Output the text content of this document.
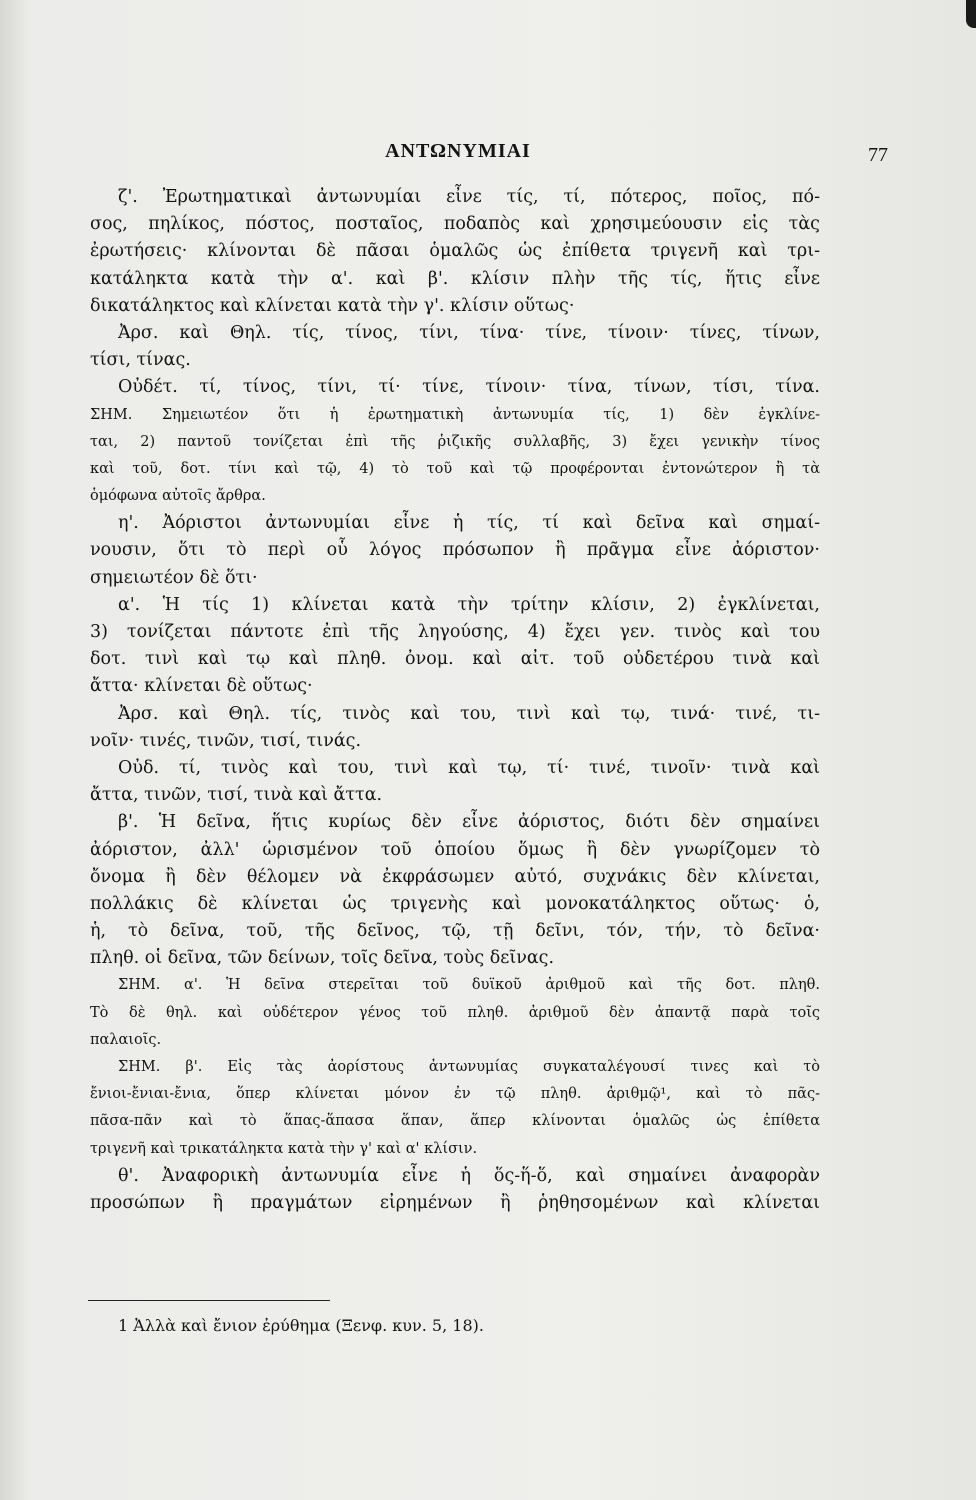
ΑΝΤΩΝΥΜΙΑΙ	77
ζ'. Ἐρωτηματικαὶ ἀντωνυμίαι εἶνε τίς, τί, πότερος, ποῖος, πό-
σος, πηλίκος, πόστος, ποσταῖος, ποδαπὸς καὶ χρησιμεύουσιν εἰς τὰς
ἐρωτήσεις· κλίνονται δὲ πᾶσαι ὁμαλῶς ὡς ἐπίθετα τριγενῆ καὶ τρι-
κατάληκτα κατὰ τὴν α'. καὶ β'. κλίσιν πλὴν τῆς τίς, ἥτις εἶνε
δικατάληκτος καὶ κλίνεται κατὰ τὴν γ'. κλίσιν οὕτως·
Ἀρσ. καὶ Θηλ. τίς, τίνος, τίνι, τίνα· τίνε, τίνοιν· τίνες, τίνων,
τίσι, τίνας.
Οὐδέτ. τί, τίνος, τίνι, τί· τίνε, τίνοιν· τίνα, τίνων, τίσι, τίνα.
ΣΗΜ. Σημειωτέον ὅτι ἡ ἐρωτηματικὴ ἀντωνυμία τίς, 1) δὲν ἐγκλίνε-
ται, 2) παντοῦ τονίζεται ἐπὶ τῆς ῥιζικῆς συλλαβῆς, 3) ἔχει γενικὴν τίνος
καὶ τοῦ, δοτ. τίνι καὶ τῷ, 4) τὸ τοῦ καὶ τῷ προφέρονται ἐντονώτερον ἢ τὰ
ὁμόφωνα αὐτοῖς ἄρθρα.
η'. Ἀόριστοι ἀντωνυμίαι εἶνε ἡ τίς, τί καὶ δεῖνα καὶ σημαί-
νουσιν, ὅτι τὸ περὶ οὗ λόγος πρόσωπον ἢ πρᾶγμα εἶνε ἀόριστον·
σημειωτέον δὲ ὅτι·
α'. Ἡ τίς 1) κλίνεται κατὰ τὴν τρίτην κλίσιν, 2) ἐγκλίνεται,
3) τονίζεται πάντοτε ἐπὶ τῆς ληγούσης, 4) ἔχει γεν. τινὸς καὶ του
δοτ. τινὶ καὶ τῳ καὶ πληθ. ὀνομ. καὶ αἰτ. τοῦ οὐδετέρου τινὰ καὶ
ἄττα· κλίνεται δὲ οὕτως·
Ἀρσ. καὶ Θηλ. τίς, τινὸς καὶ του, τινὶ καὶ τῳ, τινά· τινέ, τι-
νοῖν· τινές, τινῶν, τισί, τινάς.
Οὐδ. τί, τινὸς καὶ του, τινὶ καὶ τῳ, τί· τινέ, τινοῖν· τινὰ καὶ
ἄττα, τινῶν, τισί, τινὰ καὶ ἄττα.
β'. Ἡ δεῖνα, ἥτις κυρίως δὲν εἶνε ἀόριστος, διότι δὲν σημαίνει
ἀόριστον, ἀλλ' ὡρισμένον τοῦ ὁποίου ὅμως ἢ δὲν γνωρίζομεν τὸ
ὄνομα ἢ δὲν θέλομεν νὰ ἐκφράσωμεν αὐτό, συχνάκις δὲν κλίνεται,
πολλάκις δὲ κλίνεται ὡς τριγενὴς καὶ μονοκατάληκτος οὕτως· ὁ,
ἡ, τὸ δεῖνα, τοῦ, τῆς δεῖνος, τῷ, τῇ δεῖνι, τόν, τήν, τὸ δεῖνα·
πληθ. οἱ δεῖνα, τῶν δείνων, τοῖς δεῖνα, τοὺς δεῖνας.
ΣΗΜ. α'. Ἡ δεῖνα στερεῖται τοῦ δυϊκοῦ ἀριθμοῦ καὶ τῆς δοτ. πληθ.
Τὸ δὲ θηλ. καὶ οὐδέτερον γένος τοῦ πληθ. ἀριθμοῦ δὲν ἀπαντᾷ παρὰ τοῖς
παλαιοῖς.
ΣΗΜ. β'. Εἰς τὰς ἀορίστους ἀντωνυμίας συγκαταλέγουσί τινες καὶ τὸ
ἔνιοι-ἔνιαι-ἔνια, ὅπερ κλίνεται μόνον ἐν τῷ πληθ. ἀριθμῷ¹, καὶ τὸ πᾶς-
πᾶσα-πᾶν καὶ τὸ ἅπας-ἅπασα ἅπαν, ἅπερ κλίνονται ὁμαλῶς ὡς ἐπίθετα
τριγενῆ καὶ τρικατάληκτα κατὰ τὴν γ' καὶ α' κλίσιν.
θ'. Ἀναφορικὴ ἀντωνυμία εἶνε ἡ ὅς-ἥ-ὅ, καὶ σημαίνει ἀναφορὰν
προσώπων ἢ πραγμάτων εἰρημένων ἢ ῥηθησομένων καὶ κλίνεται
1 Ἀλλὰ καὶ ἔνιον ἐρύθημα (Ξενφ. κυν. 5, 18).
